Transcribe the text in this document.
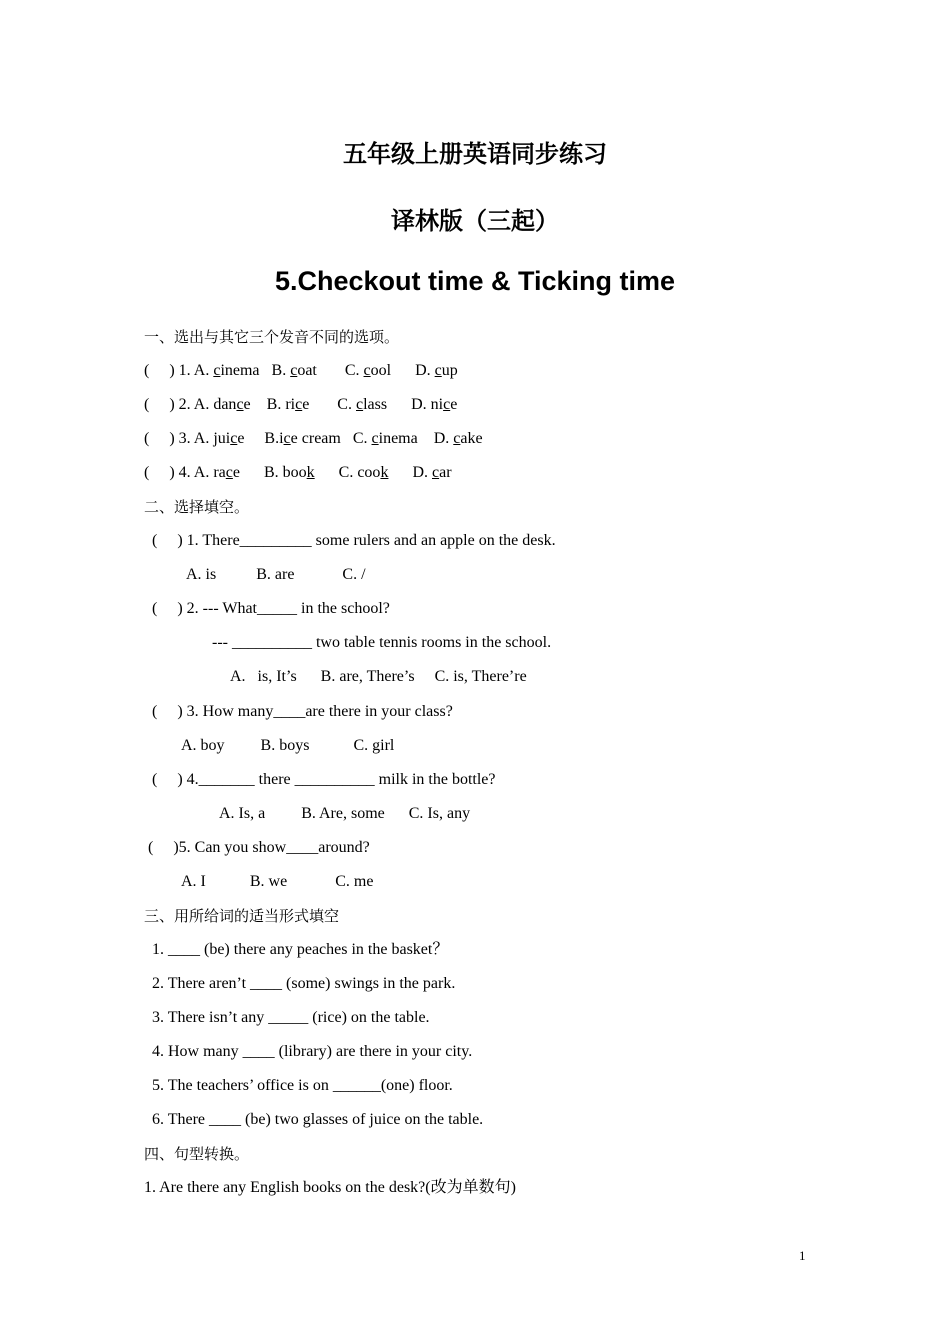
五年级上册英语同步练习
译林版（三起）
5.Checkout time & Ticking time
一、选出与其它三个发音不同的选项。
(     ) 1. A. cinema   B. coat       C. cool      D. cup
(     ) 2. A. dance    B. rice       C. class      D. nice
(     ) 3. A. juice     B.ice cream   C. cinema    D. cake
(     ) 4. A. race      B. book      C. cook      D. car
二、选择填空。
(     ) 1. There_________ some rulers and an apple on the desk.
A. is          B. are            C. /
(     ) 2. --- What_____ in the school?
--- __________ two table tennis rooms in the school.
A.   is, It’s      B. are, There’s     C. is, There’re
(     ) 3. How many____are there in your class?
A. boy         B. boys           C. girl
(     ) 4._______ there __________ milk in the bottle?
A. Is, a         B. Are, some      C. Is, any
(     )5. Can you show____around?
A. I           B. we            C. me
三、用所给词的适当形式填空
1. ____ (be) there any peaches in the basket？
2. There aren’t ____ (some) swings in the park.
3. There isn’t any _____ (rice) on the table.
4. How many ____ (library) are there in your city.
5. The teachers’ office is on ______(one) floor.
6. There ____ (be) two glasses of juice on the table.
四、句型转换。
1. Are there any English books on the desk?(改为单数句)
1
